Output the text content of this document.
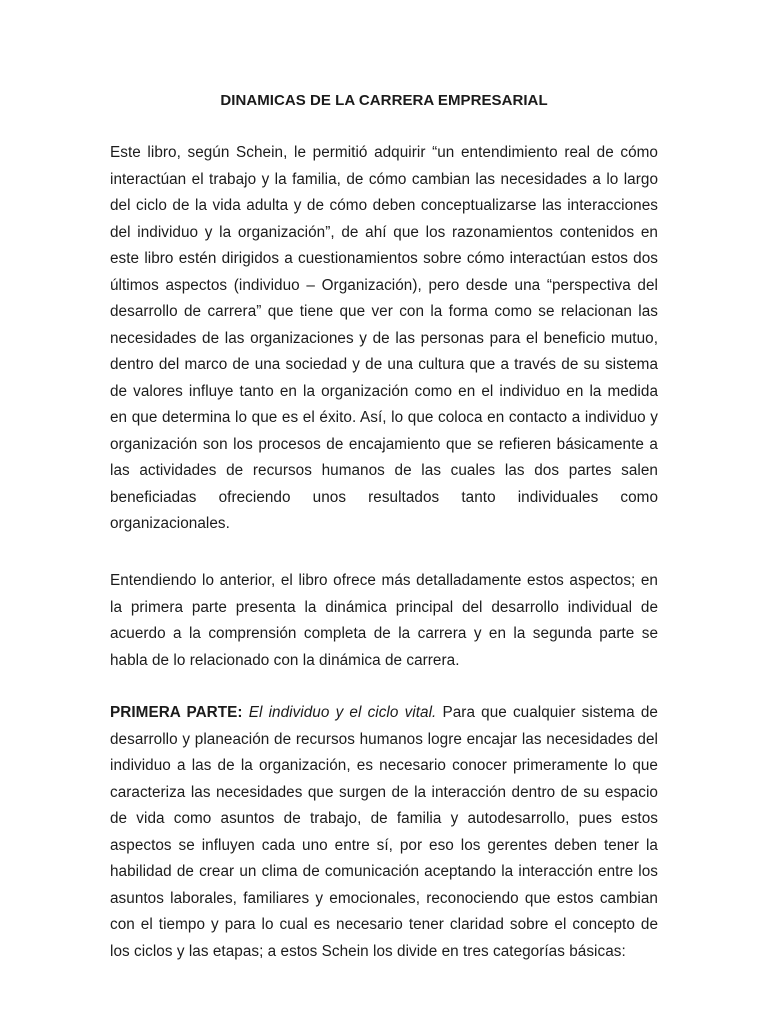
DINAMICAS DE LA CARRERA EMPRESARIAL
Este libro, según Schein, le permitió adquirir “un entendimiento real de cómo
interactúan el trabajo y la familia, de cómo cambian las necesidades a lo largo
del ciclo de la vida adulta y de cómo deben conceptualizarse las interacciones
del individuo y la organización”, de ahí que los razonamientos contenidos en
este libro estén dirigidos a cuestionamientos sobre cómo interactúan estos dos
últimos aspectos (individuo – Organización), pero desde una “perspectiva del
desarrollo de carrera” que tiene que ver con la forma como se relacionan las
necesidades de las organizaciones y de las personas para el beneficio mutuo,
dentro del marco de una sociedad y de una cultura que a través de su sistema
de valores influye tanto en la organización como en el individuo en la medida
en que determina lo que es el éxito. Así, lo que coloca en contacto a individuo y
organización son los procesos de encajamiento que se refieren básicamente a
las actividades de recursos humanos de las cuales las dos partes salen
beneficiadas ofreciendo unos resultados tanto individuales como
organizacionales.
Entendiendo lo anterior, el libro ofrece más detalladamente estos aspectos; en
la primera parte presenta la dinámica principal del desarrollo individual de
acuerdo a la comprensión completa de la carrera y en la segunda parte se
habla de lo relacionado con la dinámica de carrera.
PRIMERA PARTE: El individuo y el ciclo vital. Para que cualquier sistema de
desarrollo y planeación de recursos humanos logre encajar las necesidades del
individuo a las de la organización, es necesario conocer primeramente lo que
caracteriza las necesidades que surgen de la interacción dentro de su espacio
de vida como asuntos de trabajo, de familia y autodesarrollo, pues estos
aspectos se influyen cada uno entre sí, por eso los gerentes deben tener la
habilidad de crear un clima de comunicación aceptando la interacción entre los
asuntos laborales, familiares y emocionales, reconociendo que estos cambian
con el tiempo y para lo cual es necesario tener claridad sobre el concepto de
los ciclos y las etapas; a estos Schein los divide en tres categorías básicas:
